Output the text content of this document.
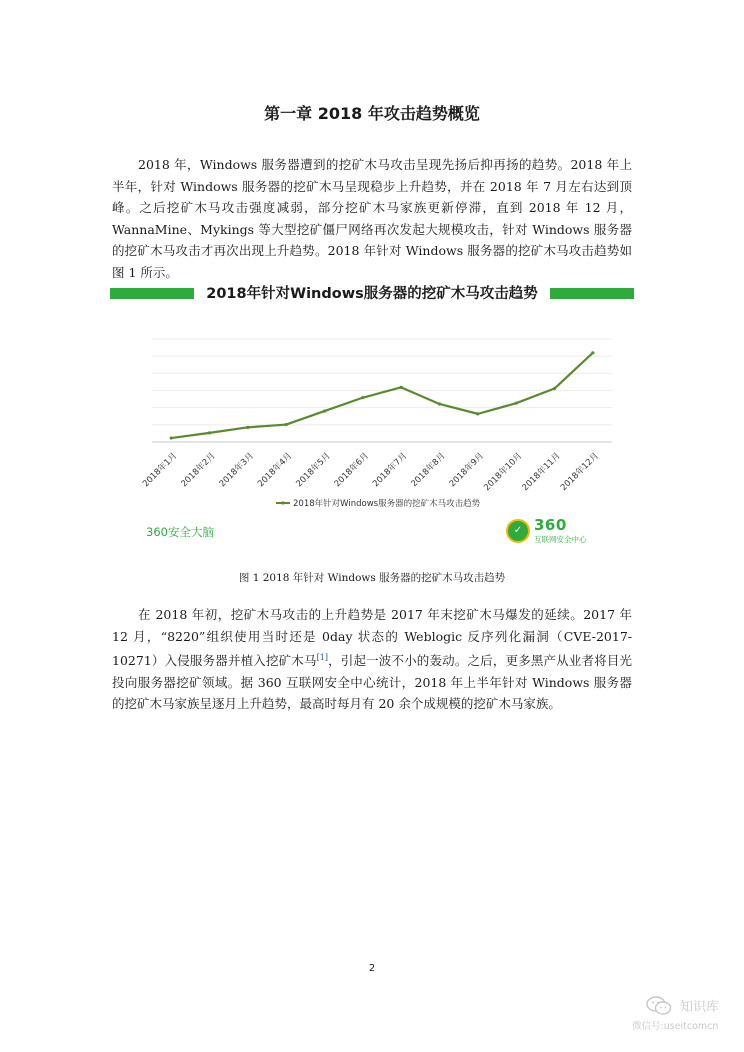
第一章 2018 年攻击趋势概览

2018 年，Windows 服务器遭到的挖矿木马攻击呈现先扬后抑再扬的趋势。2018 年上半年，针对 Windows 服务器的挖矿木马呈现稳步上升趋势，并在 2018 年 7 月左右达到顶峰。之后挖矿木马攻击强度减弱，部分挖矿木马家族更新停滞，直到 2018 年 12 月，WannaMine、Mykings 等大型挖矿僵尸网络再次发起大规模攻击，针对 Windows 服务器的挖矿木马攻击才再次出现上升趋势。2018 年针对 Windows 服务器的挖矿木马攻击趋势如图 1 所示。

2018年针对Windows服务器的挖矿木马攻击趋势
2018年1月 2018年2月 2018年3月 2018年4月 2018年5月 2018年6月 2018年7月 2018年8月 2018年9月
2018年10月
2018年11月
2018年12月
2018年针对Windows服务器的挖矿木马攻击趋势
360安全大脑	✓ 360
互联网安全中心
图 1 2018 年针对 Windows 服务器的挖矿木马攻击趋势

在 2018 年初，挖矿木马攻击的上升趋势是 2017 年末挖矿木马爆发的延续。2017 年 12 月，“8220”组织使用当时还是 0day 状态的 Weblogic 反序列化漏洞（CVE-2017-10271）入侵服务器并植入挖矿木马[1]，引起一波不小的轰动。之后，更多黑产从业者将目光投向服务器挖矿领域。据 360 互联网安全中心统计，2018 年上半年针对 Windows 服务器的挖矿木马家族呈逐月上升趋势，最高时每月有 20 余个成规模的挖矿木马家族。

2
知识库
微信号:useitcomcn
